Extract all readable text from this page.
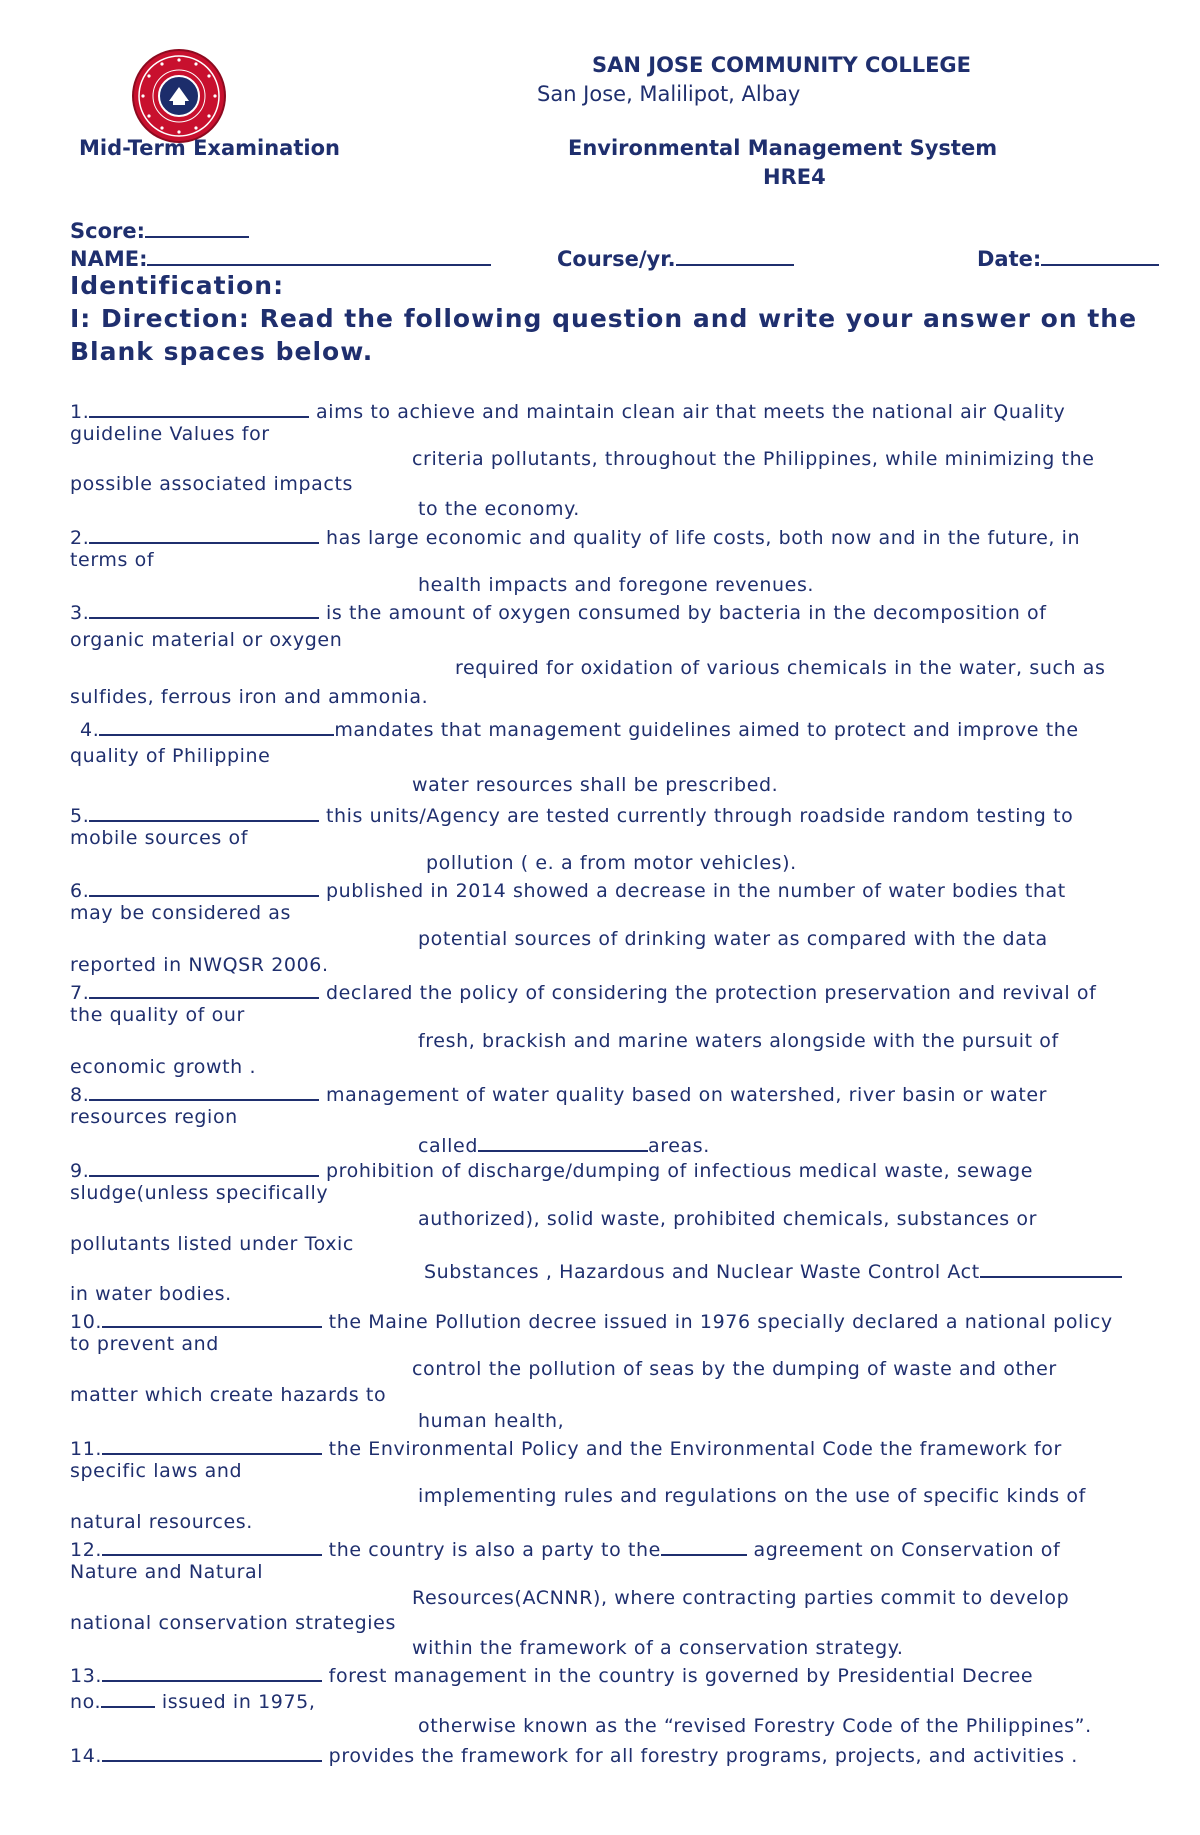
SAN JOSE COMMUNITY COLLEGE
San Jose, Malilipot, Albay
Mid-Term Examination	Environmental Management System
HRE4
Score:
NAME:	Course/yr.	Date:
Identification:
I: Direction: Read the following question and write your answer on the
Blank spaces below.
1.	aims to achieve and maintain clean air that meets the national air Quality
guideline Values for
criteria pollutants, throughout the Philippines, while minimizing the
possible associated impacts
to the economy.
2.	has large economic and quality of life costs, both now and in the future, in
terms of
health impacts and foregone revenues.
3.	is the amount of oxygen consumed by bacteria in the decomposition of
organic material or oxygen
required for oxidation of various chemicals in the water, such as
sulfides, ferrous iron and ammonia.
4.	mandates that management guidelines aimed to protect and improve the
quality of Philippine
water resources shall be prescribed.
5.	this units/Agency are tested currently through roadside random testing to
mobile sources of
pollution ( e. a from motor vehicles).
6.	published in 2014 showed a decrease in the number of water bodies that
may be considered as
potential sources of drinking water as compared with the data
reported in NWQSR 2006.
7.	declared the policy of considering the protection preservation and revival of
the quality of our
fresh, brackish and marine waters alongside with the pursuit of
economic growth .
8.	management of water quality based on watershed, river basin or water
resources region
called	areas.
9.	prohibition of discharge/dumping of infectious medical waste, sewage
sludge(unless specifically
authorized), solid waste, prohibited chemicals, substances or
pollutants listed under Toxic
Substances , Hazardous and Nuclear Waste Control Act
in water bodies.
10.	the Maine Pollution decree issued in 1976 specially declared a national policy
to prevent and
control the pollution of seas by the dumping of waste and other
matter which create hazards to
human health,
11.	the Environmental Policy and the Environmental Code the framework for
specific laws and
implementing rules and regulations on the use of specific kinds of
natural resources.
12.	the country is also a party to the	agreement on Conservation of
Nature and Natural
Resources(ACNNR), where contracting parties commit to develop
national conservation strategies
within the framework of a conservation strategy.
13.	forest management in the country is governed by Presidential Decree
no.	issued in 1975,
otherwise known as the “revised Forestry Code of the Philippines”.
14.	provides the framework for all forestry programs, projects, and activities .
